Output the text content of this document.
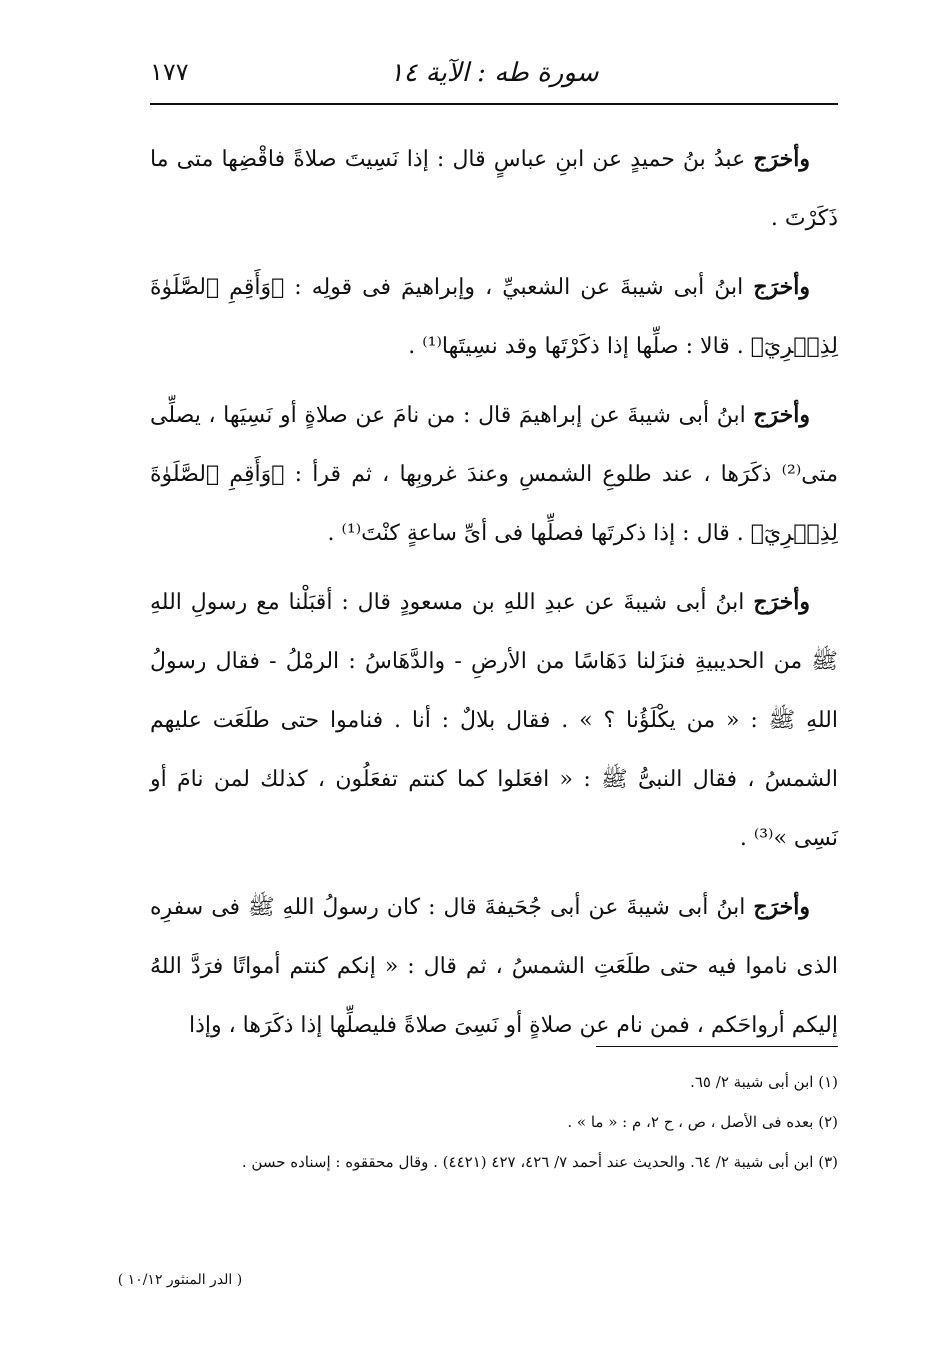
سورة طه : الآية ١٤
١٧٧

وأخرَج عبدُ بنُ حميدٍ عن ابنِ عباسٍ قال : إذا نَسِيتَ صلاةً فاقْضِها متى ما ذَكَرْتَ .

وأخرَج ابنُ أبى شيبةَ عن الشعبيِّ ، وإبراهيمَ فى قولِه : ﴿وَأَقِمِ ٱلصَّلَوٰةَ لِذِكۡرِيٓ﴾ . قالا : صلِّها إذا ذكَرْتَها وقد نسِيتَها⁽¹⁾ .

وأخرَج ابنُ أبى شيبةَ عن إبراهيمَ قال : من نامَ عن صلاةٍ أو نَسِيَها ، يصلِّى متى⁽²⁾ ذكَرَها ، عند طلوعِ الشمسِ وعندَ غروبِها ، ثم قرأ : ﴿وَأَقِمِ ٱلصَّلَوٰةَ لِذِكۡرِيٓ﴾ . قال : إذا ذكرتَها فصلِّها فى أىِّ ساعةٍ كنْتَ⁽¹⁾ .

وأخرَج ابنُ أبى شيبةَ عن عبدِ اللهِ بن مسعودٍ قال : أقبَلْنا مع رسولِ اللهِ ﷺ من الحديبيةِ فنزَلنا دَهَاسًا من الأرضِ - والدَّهَاسُ : الرمْلُ - فقال رسولُ اللهِ ﷺ : « من يكْلَؤُنا ؟ » . فقال بلالٌ : أنا . فناموا حتى طلَعَت عليهم الشمسُ ، فقال النبىُّ ﷺ : « افعَلوا كما كنتم تفعَلُون ، كذلك لمن نامَ أو نَسِى »⁽³⁾ .

وأخرَج ابنُ أبى شيبةَ عن أبى جُحَيفةَ قال : كان رسولُ اللهِ ﷺ فى سفرِه الذى ناموا فيه حتى طلَعَتِ الشمسُ ، ثم قال : « إنكم كنتم أمواتًا فرَدَّ اللهُ إليكم أرواحَكم ، فمن نام عن صلاةٍ أو نَسِىَ صلاةً فليصلِّها إذا ذكَرَها ، وإذا

(١) ابن أبى شيبة ٢/ ٦٥.

(٢) بعده فى الأصل ، ص ، ح ٢، م : « ما » .

(٣) ابن أبى شيبة ٢/ ٦٤. والحديث عند أحمد ٧/ ٤٢٦، ٤٢٧ (٤٤٢١) . وقال محققوه : إسناده حسن .

( الدر المنثور ١٠/١٢ )
